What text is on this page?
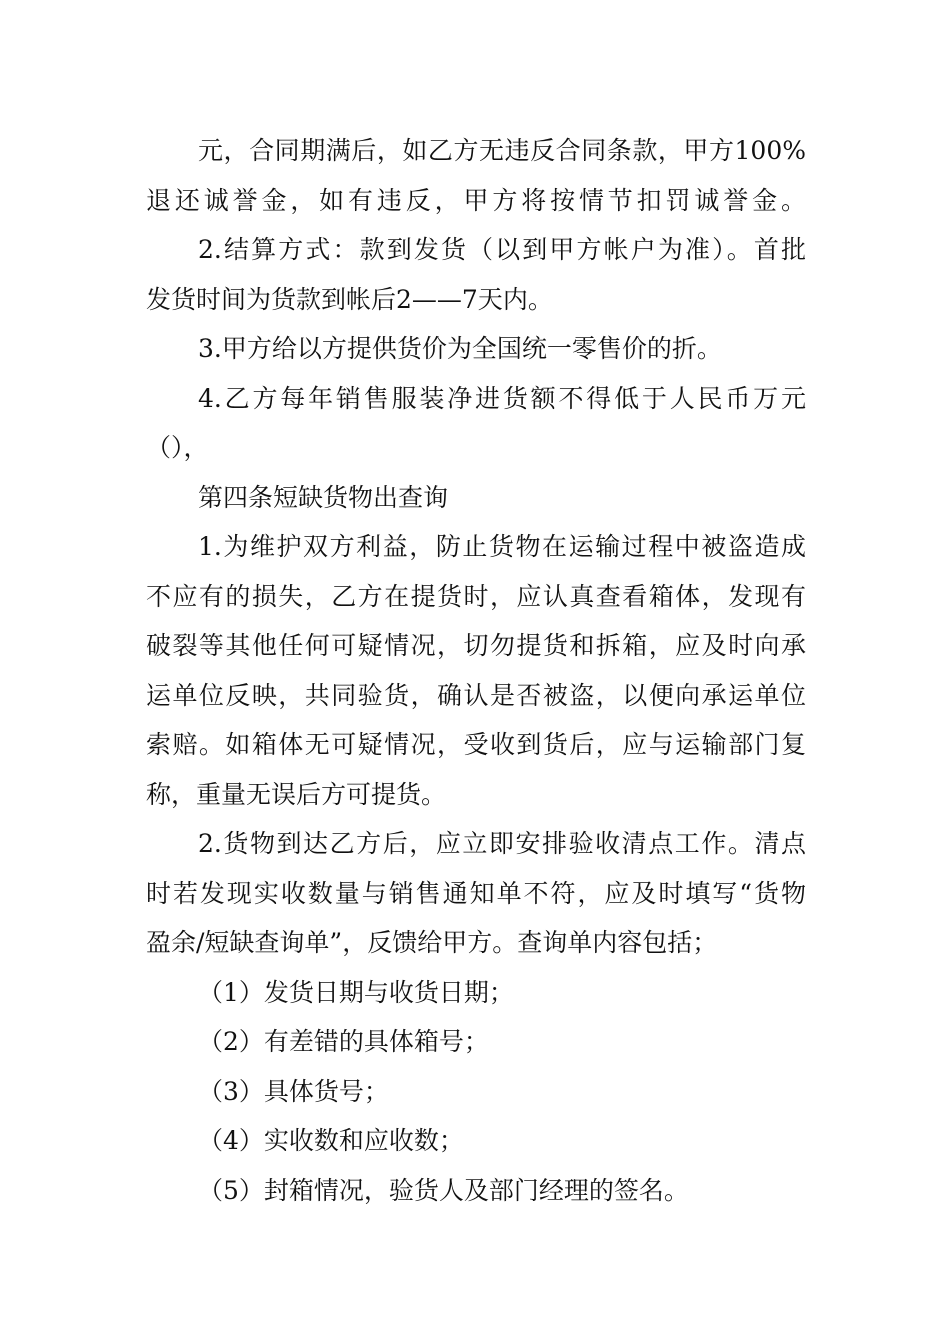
元，合同期满后，如乙方无违反合同条款，甲方100%
退还诚誉金，如有违反，甲方将按情节扣罚诚誉金。
2.结算方式：款到发货（以到甲方帐户为准）。首批
发货时间为货款到帐后2——7天内。
3.甲方给以方提供货价为全国统一零售价的折。
4.乙方每年销售服装净进货额不得低于人民币万元
（），
第四条短缺货物出查询
1.为维护双方利益，防止货物在运输过程中被盗造成
不应有的损失，乙方在提货时，应认真查看箱体，发现有
破裂等其他任何可疑情况，切勿提货和拆箱，应及时向承
运单位反映，共同验货，确认是否被盗，以便向承运单位
索赔。如箱体无可疑情况，受收到货后，应与运输部门复
称，重量无误后方可提货。
2.货物到达乙方后，应立即安排验收清点工作。清点
时若发现实收数量与销售通知单不符，应及时填写“货物
盈余/短缺查询单”，反馈给甲方。查询单内容包括；
（1）发货日期与收货日期；
（2）有差错的具体箱号；
（3）具体货号；
（4）实收数和应收数；
（5）封箱情况，验货人及部门经理的签名。
